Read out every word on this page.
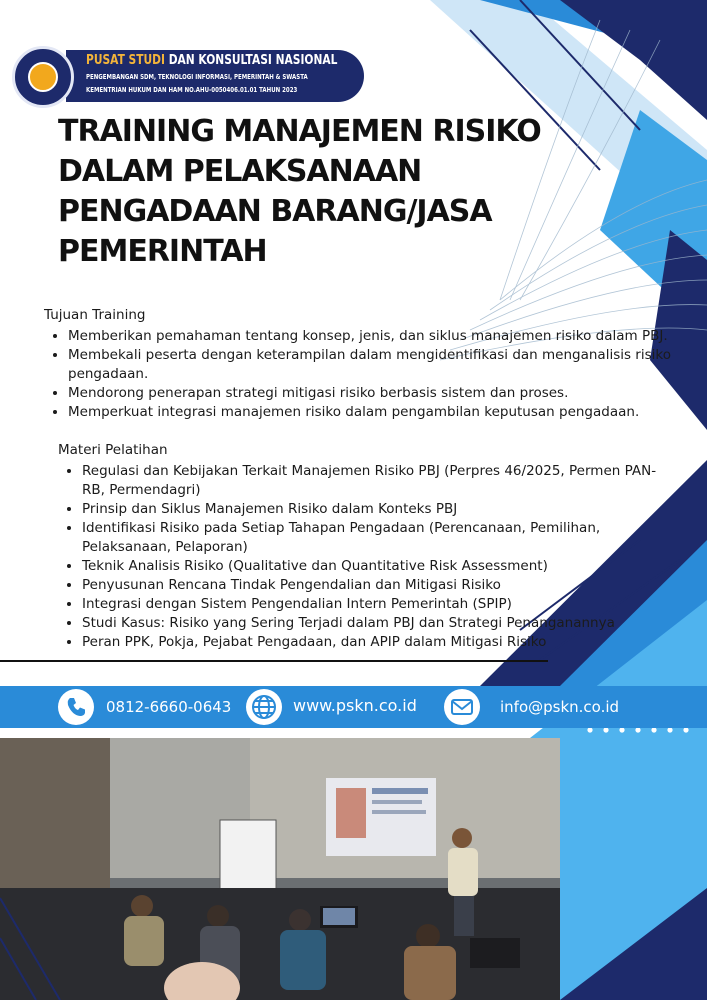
PUSAT STUDI DAN KONSULTASI NASIONAL
PENGEMBANGAN SDM, TEKNOLOGI INFORMASI, PEMERINTAH & SWASTA
KEMENTRIAN HUKUM DAN HAM NO.AHU-0050406.01.01 TAHUN 2023
TRAINING MANAJEMEN RISIKO
DALAM PELAKSANAAN
PENGADAAN BARANG/JASA
PEMERINTAH
Tujuan Training
• Memberikan pemahaman tentang konsep, jenis, dan siklus manajemen risiko dalam PBJ.
• Membekali peserta dengan keterampilan dalam mengidentifikasi dan menganalisis risiko pengadaan.
• Mendorong penerapan strategi mitigasi risiko berbasis sistem dan proses.
• Memperkuat integrasi manajemen risiko dalam pengambilan keputusan pengadaan.
Materi Pelatihan
• Regulasi dan Kebijakan Terkait Manajemen Risiko PBJ (Perpres 46/2025, Permen PAN-RB, Permendagri)
• Prinsip dan Siklus Manajemen Risiko dalam Konteks PBJ
• Identifikasi Risiko pada Setiap Tahapan Pengadaan (Perencanaan, Pemilihan, Pelaksanaan, Pelaporan)
• Teknik Analisis Risiko (Qualitative dan Quantitative Risk Assessment)
• Penyusunan Rencana Tindak Pengendalian dan Mitigasi Risiko
• Integrasi dengan Sistem Pengendalian Intern Pemerintah (SPIP)
• Studi Kasus: Risiko yang Sering Terjadi dalam PBJ dan Strategi Penanganannya
• Peran PPK, Pokja, Pejabat Pengadaan, dan APIP dalam Mitigasi Risiko
0812-6660-0643	www.pskn.co.id	info@pskn.co.id
